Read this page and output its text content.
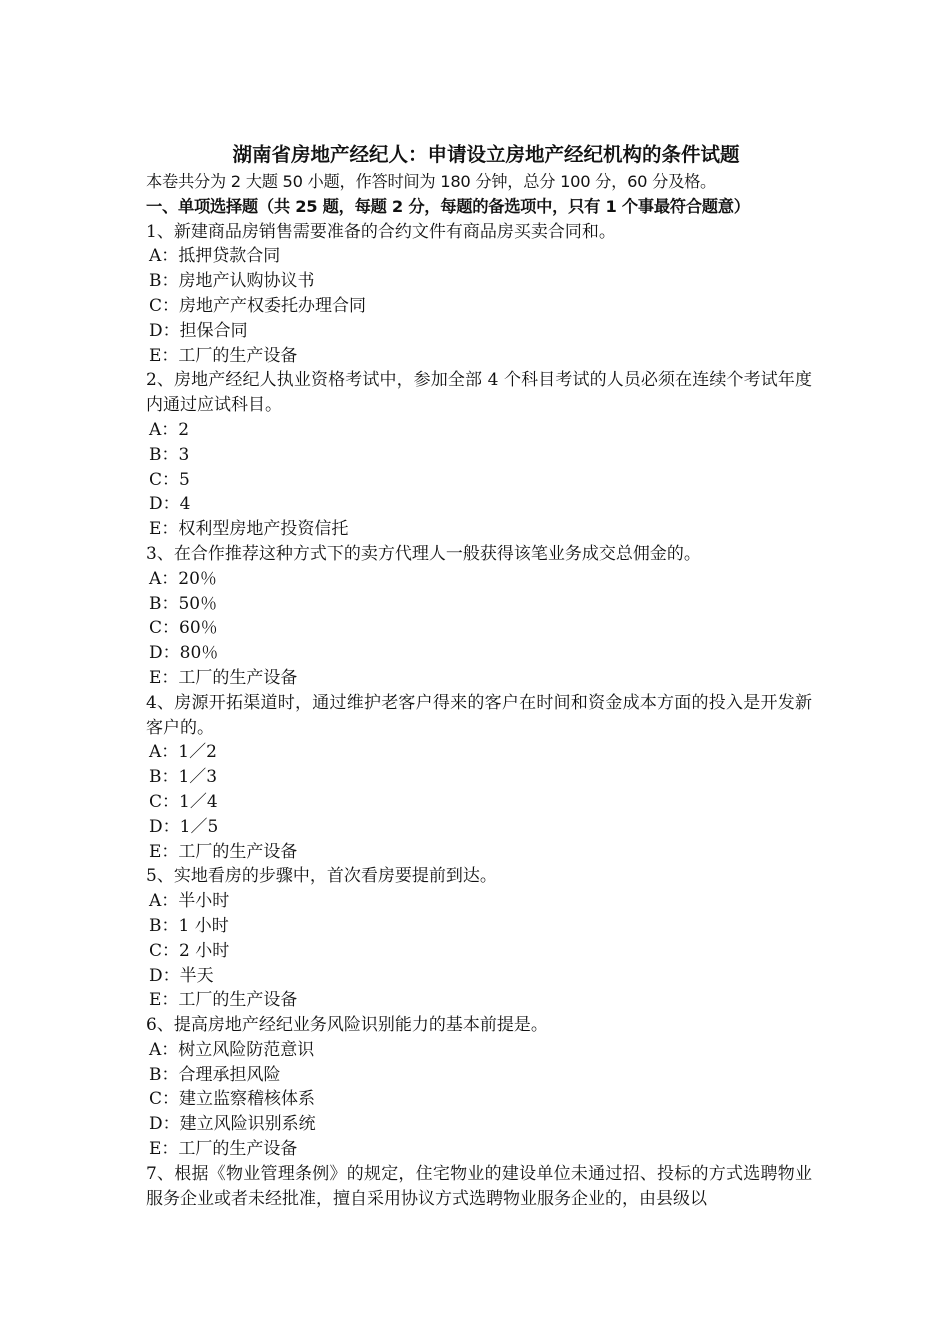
湖南省房地产经纪人：申请设立房地产经纪机构的条件试题
本卷共分为 2 大题 50 小题，作答时间为 180 分钟，总分 100 分，60 分及格。
一、单项选择题（共 25 题，每题 2 分，每题的备选项中，只有 1 个事最符合题意）
1、新建商品房销售需要准备的合约文件有商品房买卖合同和。
A：抵押贷款合同
B：房地产认购协议书
C：房地产产权委托办理合同
D：担保合同
E：工厂的生产设备
2、房地产经纪人执业资格考试中，参加全部 4 个科目考试的人员必须在连续个考试年度内通过应试科目。
A：2
B：3
C：5
D：4
E：权利型房地产投资信托
3、在合作推荐这种方式下的卖方代理人一般获得该笔业务成交总佣金的。
A：20％
B：50％
C：60％
D：80％
E：工厂的生产设备
4、房源开拓渠道时，通过维护老客户得来的客户在时间和资金成本方面的投入是开发新客户的。
A：1／2
B：1／3
C：1／4
D：1／5
E：工厂的生产设备
5、实地看房的步骤中，首次看房要提前到达。
A：半小时
B：1 小时
C：2 小时
D：半天
E：工厂的生产设备
6、提高房地产经纪业务风险识别能力的基本前提是。
A：树立风险防范意识
B：合理承担风险
C：建立监察稽核体系
D：建立风险识别系统
E：工厂的生产设备
7、根据《物业管理条例》的规定，住宅物业的建设单位未通过招、投标的方式选聘物业服务企业或者未经批准，擅自采用协议方式选聘物业服务企业的，由县级以
